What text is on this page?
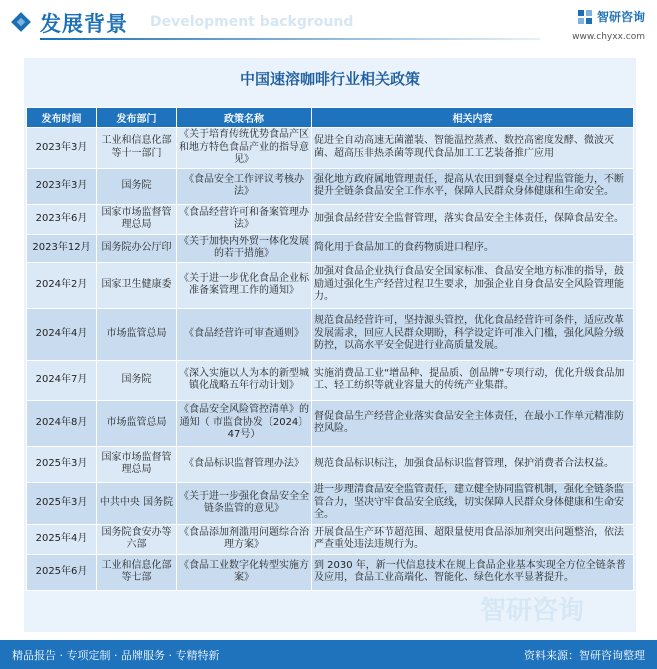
发展背景 Development background	智研咨询
www.chyxx.com
中国速溶咖啡行业相关政策
发布时间	发布部门	政策名称	相关内容
2023年3月	工业和信息化部等十一部门	《关于培育传统优势食品产区和地方特色食品产业的指导意见》	促进全自动高速无菌灌装、智能温控蒸煮、数控高密度发酵、微波灭菌、超高压非热杀菌等现代食品加工工艺装备推广应用
2023年3月	国务院	《食品安全工作评议考核办法》	强化地方政府属地管理责任，提高从农田到餐桌全过程监管能力，不断提升全链条食品安全工作水平，保障人民群众身体健康和生命安全。
2023年6月	国家市场监督管理总局	《食品经营许可和备案管理办法》	加强食品经营安全监督管理，落实食品安全主体责任，保障食品安全。
2023年12月	国务院办公厅印	《关于加快内外贸一体化发展的若干措施》	简化用于食品加工的食药物质进口程序。
2024年2月	国家卫生健康委	《关于进一步优化食品企业标准备案管理工作的通知》	加强对食品企业执行食品安全国家标准、食品安全地方标准的指导，鼓励通过强化生产经营过程卫生要求，加强企业自身食品安全风险管理能力。
2024年4月	市场监管总局	《食品经营许可审查通则》	规范食品经营许可，坚持源头管控，优化食品经营许可条件，适应改革发展需求，回应人民群众期盼，科学设定许可准入门槛，强化风险分级防控，以高水平安全促进行业高质量发展。
2024年7月	国务院	《深入实施以人为本的新型城镇化战略五年行动计划》	实施消费品工业“增品种、提品质、创品牌”专项行动，优化升级食品加工、轻工纺织等就业容量大的传统产业集群。
2024年8月	市场监管总局	《食品安全风险管控清单》的通知（ 市监食协发〔2024〕47号）	督促食品生产经营企业落实食品安全主体责任，在最小工作单元精准防控风险。
2025年3月	国家市场监督管理总局	《食品标识监督管理办法》	规范食品标识标注，加强食品标识监督管理，保护消费者合法权益。
2025年3月	中共中央 国务院	《关于进一步强化食品安全全链条监管的意见》	进一步理清食品安全监管责任，建立健全协同监管机制，强化全链条监管合力，坚决守牢食品安全底线，切实保障人民群众身体健康和生命安全。
2025年4月	国务院食安办等六部	《食品添加剂滥用问题综合治理方案》	开展食品生产环节超范围、超限量使用食品添加剂突出问题整治，依法严查重处违法违规行为。
2025年6月	工业和信息化部等七部	《食品工业数字化转型实施方案》	到 2030 年，新一代信息技术在规上食品企业基本实现全方位全链条普及应用，食品工业高端化、智能化、绿色化水平显著提升。
智研咨询
精品报告 · 专项定制 · 品牌服务 · 专精特新	资料来源：智研咨询整理
